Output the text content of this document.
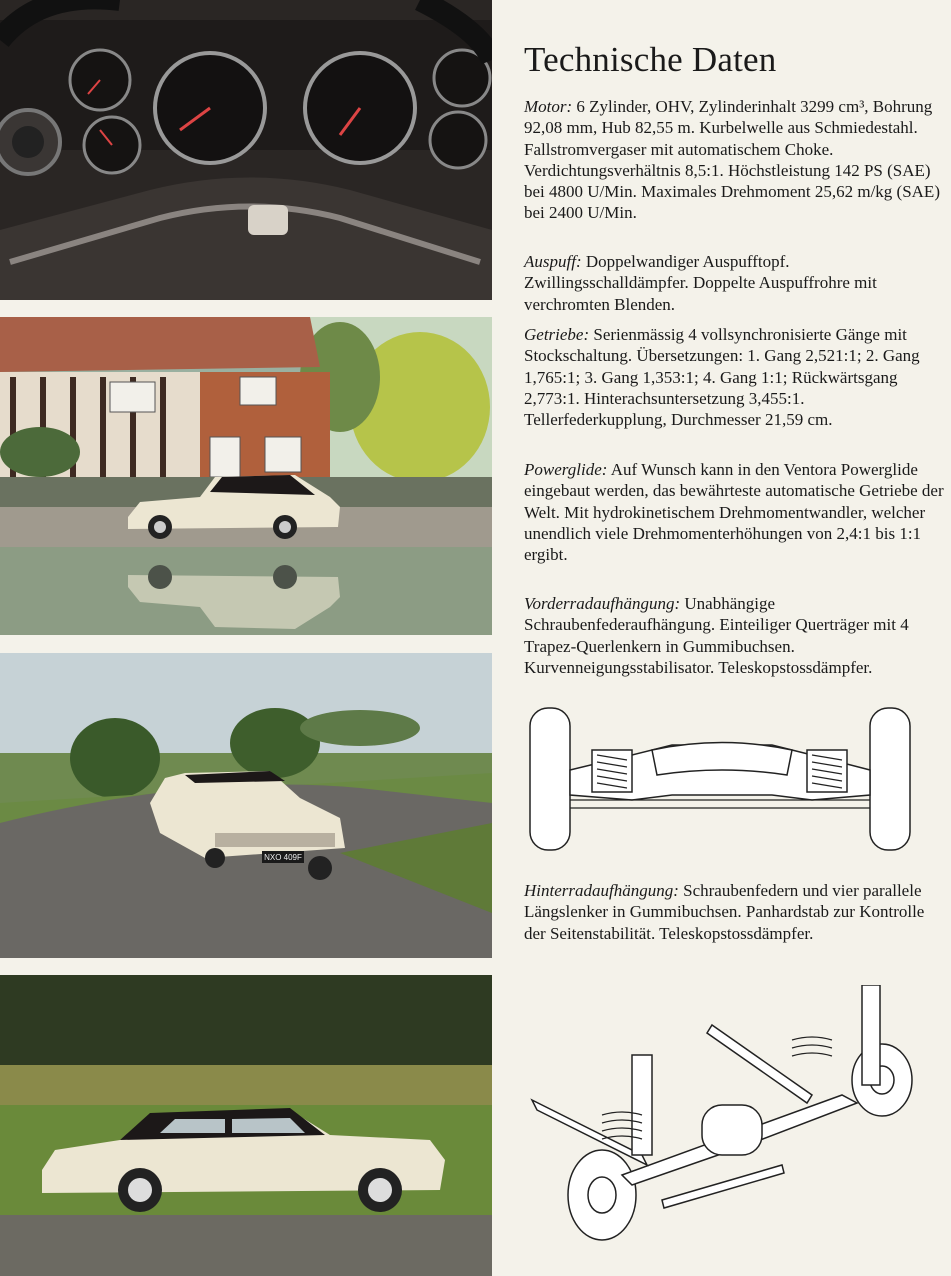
NXO 409F
Technische Daten

Motor: 6 Zylinder, OHV, Zylinderinhalt 3299 cm³, Bohrung 92,08 mm, Hub 82,55 m. Kurbelwelle aus Schmiedestahl. Fallstromvergaser mit automatischem Choke. Verdichtungsverhältnis 8,5:1. Höchstleistung 142 PS (SAE) bei 4800 U/Min. Maximales Drehmoment 25,62 m/kg (SAE) bei 2400 U/Min.

Auspuff: Doppelwandiger Auspufftopf. Zwillingsschalldämpfer. Doppelte Auspuffrohre mit verchromten Blenden.

Getriebe: Serienmässig 4 vollsynchronisierte Gänge mit Stockschaltung. Übersetzungen: 1. Gang 2,521:1; 2. Gang 1,765:1; 3. Gang 1,353:1; 4. Gang 1:1; Rückwärtsgang 2,773:1. Hinterachsuntersetzung 3,455:1. Tellerfederkupplung, Durchmesser 21,59 cm.

Powerglide: Auf Wunsch kann in den Ventora Powerglide eingebaut werden, das bewährteste automatische Getriebe der Welt. Mit hydrokinetischem Drehmomentwandler, welcher unendlich viele Drehmomenterhöhungen von 2,4:1 bis 1:1 ergibt.

Vorderradaufhängung: Unabhängige Schraubenfederaufhängung. Einteiliger Querträger mit 4 Trapez-Querlenkern in Gummibuchsen. Kurvenneigungsstabilisator. Teleskopstossdämpfer.

Hinterradaufhängung: Schraubenfedern und vier parallele Längslenker in Gummibuchsen. Panhardstab zur Kontrolle der Seitenstabilität. Teleskopstossdämpfer.
